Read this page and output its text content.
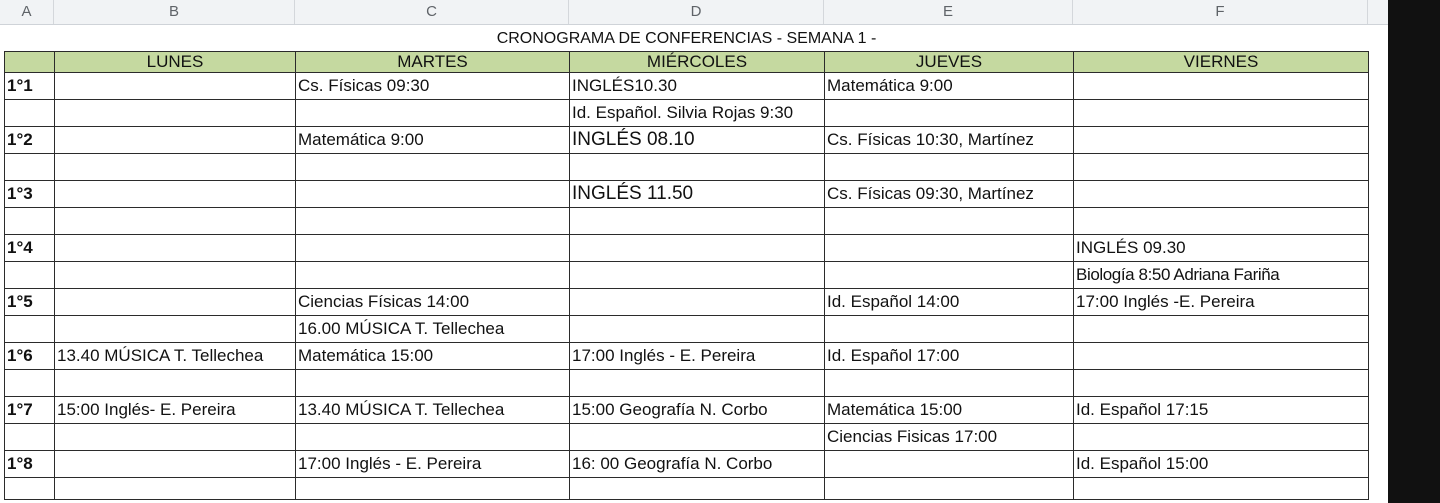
A	B	C	D	E	F
CRONOGRAMA DE CONFERENCIAS - SEMANA 1 -					
	LUNES	MARTES	MIÉRCOLES	JUEVES	VIERNES
1°1		Cs. Físicas 09:30	INGLÉS10.30	Matemática 9:00	
			Id. Español. Silvia Rojas 9:30		
1°2		Matemática 9:00	INGLÉS 08.10	Cs. Físicas 10:30, Martínez	

1°3			INGLÉS 11.50	Cs. Físicas 09:30, Martínez	

1°4					INGLÉS 09.30
					Biología 8:50 Adriana Fariña
1°5		Ciencias Físicas 14:00		Id. Español 14:00	17:00 Inglés -E. Pereira
		16.00 MÚSICA T. Tellechea			
1°6	13.40 MÚSICA T. Tellechea	Matemática 15:00	17:00 Inglés - E. Pereira	Id. Español 17:00	

1°7	15:00 Inglés- E. Pereira	13.40 MÚSICA T. Tellechea	15:00 Geografía N. Corbo	Matemática 15:00	Id. Español 17:15
				Ciencias Fisicas 17:00	
1°8		17:00 Inglés - E. Pereira	16: 00 Geografía N. Corbo		Id. Español 15:00
